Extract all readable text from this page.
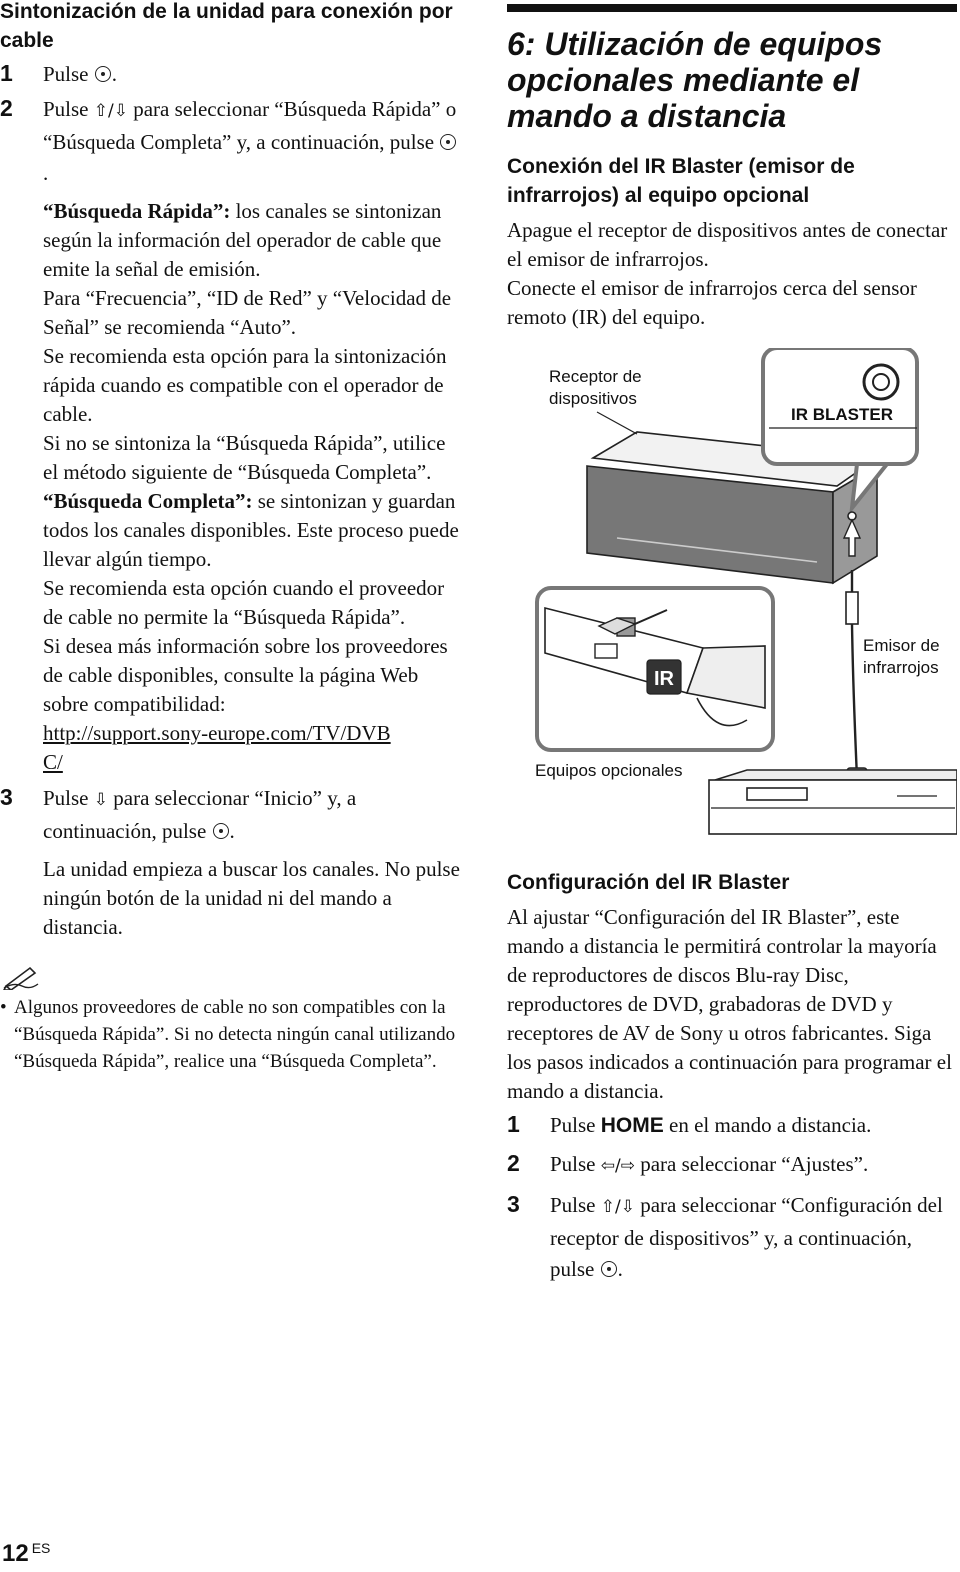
Sintonización de la unidad para conexión por cable
1 Pulse .
2 Pulse ⇧/⇩ para seleccionar “Búsqueda Rápida” o “Búsqueda Completa” y, a continuación, pulse .

“Búsqueda Rápida”: los canales se sintonizan según la información del operador de cable que emite la señal de emisión.

Para “Frecuencia”, “ID de Red” y “Velocidad de Señal” se recomienda “Auto”.

Se recomienda esta opción para la sintonización rápida cuando es compatible con el operador de cable.

Si no se sintoniza la “Búsqueda Rápida”, utilice el método siguiente de “Búsqueda Completa”.

“Búsqueda Completa”: se sintonizan y guardan todos los canales disponibles. Este proceso puede llevar algún tiempo.

Se recomienda esta opción cuando el proveedor de cable no permite la “Búsqueda Rápida”.

Si desea más información sobre los proveedores de cable disponibles, consulte la página Web sobre compatibilidad:

http://support.sony-europe.com/TV/DVBC/

3 Pulse ⇩ para seleccionar “Inicio” y, a continuación, pulse .

La unidad empieza a buscar los canales. No pulse ningún botón de la unidad ni del mando a distancia.

• Algunos proveedores de cable no son compatibles con la “Búsqueda Rápida”. Si no detecta ningún canal utilizando “Búsqueda Rápida”, realice una “Búsqueda Completa”.

6: Utilización de equipos opcionales mediante el mando a distancia
Conexión del IR Blaster (emisor de infrarrojos) al equipo opcional

Apague el receptor de dispositivos antes de conectar el emisor de infrarrojos.

Conecte el emisor de infrarrojos cerca del sensor remoto (IR) del equipo.

IR
Receptor de dispositivos
IR BLASTER
Emisor de infrarrojos
Equipos opcionales
Configuración del IR Blaster

Al ajustar “Configuración del IR Blaster”, este mando a distancia le permitirá controlar la mayoría de reproductores de discos Blu-ray Disc, reproductores de DVD, grabadoras de DVD y receptores de AV de Sony u otros fabricantes. Siga los pasos indicados a continuación para programar el mando a distancia.

1 Pulse HOME en el mando a distancia.
2 Pulse ⇦/⇨ para seleccionar “Ajustes”.
3 Pulse ⇧/⇩ para seleccionar “Configuración del receptor de dispositivos” y, a continuación, pulse .
12 ES
